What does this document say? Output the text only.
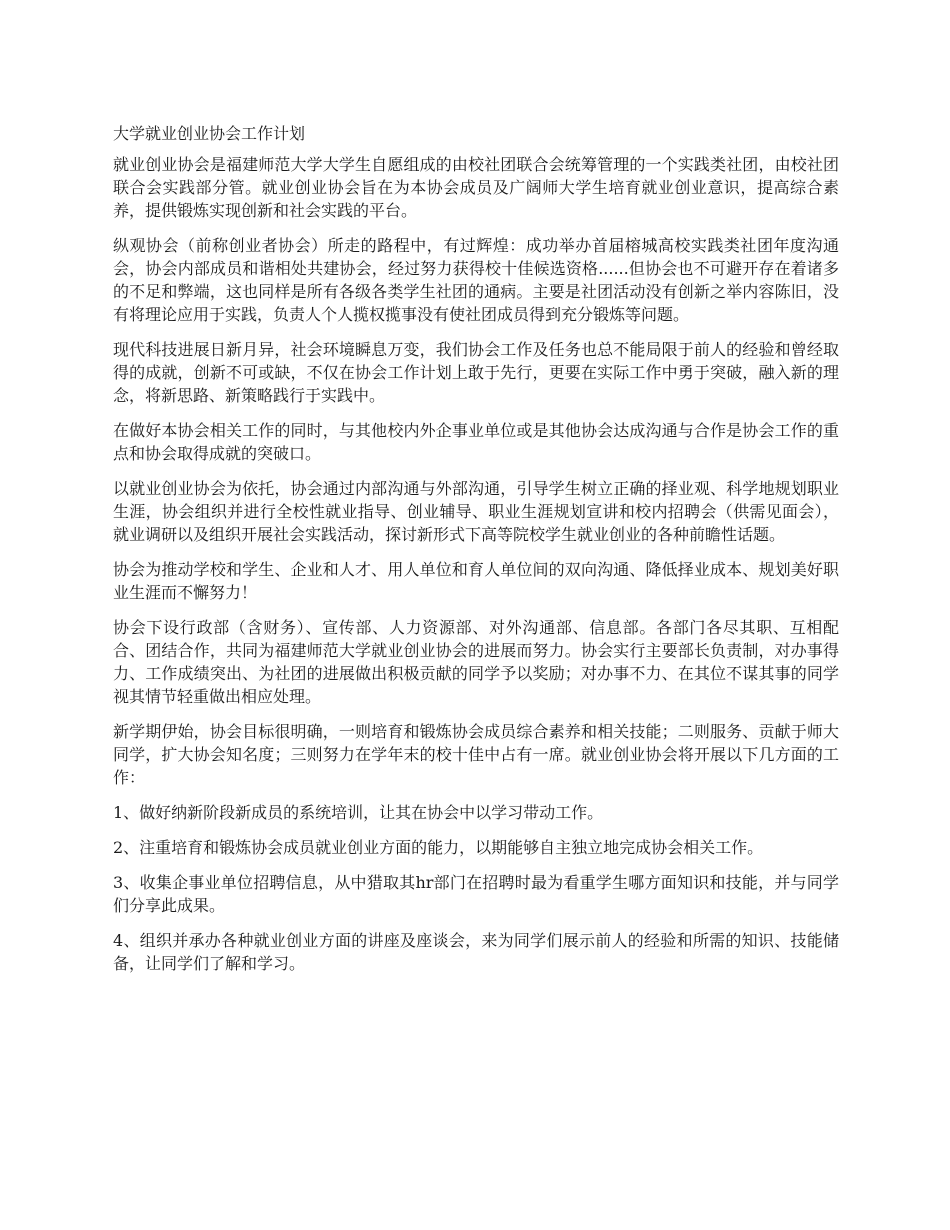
大学就业创业协会工作计划

就业创业协会是福建师范大学大学生自愿组成的由校社团联合会统筹管理的一个实践类社团，由校社团联合会实践部分管。就业创业协会旨在为本协会成员及广阔师大学生培育就业创业意识，提高综合素养，提供锻炼实现创新和社会实践的平台。

纵观协会（前称创业者协会）所走的路程中，有过辉煌：成功举办首届榕城高校实践类社团年度沟通会，协会内部成员和谐相处共建协会，经过努力获得校十佳候选资格......但协会也不可避开存在着诸多的不足和弊端，这也同样是所有各级各类学生社团的通病。主要是社团活动没有创新之举内容陈旧，没有将理论应用于实践，负责人个人揽权揽事没有使社团成员得到充分锻炼等问题。

现代科技进展日新月异，社会环境瞬息万变，我们协会工作及任务也总不能局限于前人的经验和曾经取得的成就，创新不可或缺，不仅在协会工作计划上敢于先行，更要在实际工作中勇于突破，融入新的理念，将新思路、新策略践行于实践中。

在做好本协会相关工作的同时，与其他校内外企事业单位或是其他协会达成沟通与合作是协会工作的重点和协会取得成就的突破口。

以就业创业协会为依托，协会通过内部沟通与外部沟通，引导学生树立正确的择业观、科学地规划职业生涯，协会组织并进行全校性就业指导、创业辅导、职业生涯规划宣讲和校内招聘会（供需见面会），就业调研以及组织开展社会实践活动，探讨新形式下高等院校学生就业创业的各种前瞻性话题。

协会为推动学校和学生、企业和人才、用人单位和育人单位间的双向沟通、降低择业成本、规划美好职业生涯而不懈努力！

协会下设行政部（含财务）、宣传部、人力资源部、对外沟通部、信息部。各部门各尽其职、互相配合、团结合作，共同为福建师范大学就业创业协会的进展而努力。协会实行主要部长负责制，对办事得力、工作成绩突出、为社团的进展做出积极贡献的同学予以奖励；对办事不力、在其位不谋其事的同学视其情节轻重做出相应处理。

新学期伊始，协会目标很明确，一则培育和锻炼协会成员综合素养和相关技能；二则服务、贡献于师大同学，扩大协会知名度；三则努力在学年末的校十佳中占有一席。就业创业协会将开展以下几方面的工作：

1、做好纳新阶段新成员的系统培训，让其在协会中以学习带动工作。

2、注重培育和锻炼协会成员就业创业方面的能力，以期能够自主独立地完成协会相关工作。

3、收集企事业单位招聘信息，从中猎取其hr部门在招聘时最为看重学生哪方面知识和技能，并与同学们分享此成果。

4、组织并承办各种就业创业方面的讲座及座谈会，来为同学们展示前人的经验和所需的知识、技能储备，让同学们了解和学习。
